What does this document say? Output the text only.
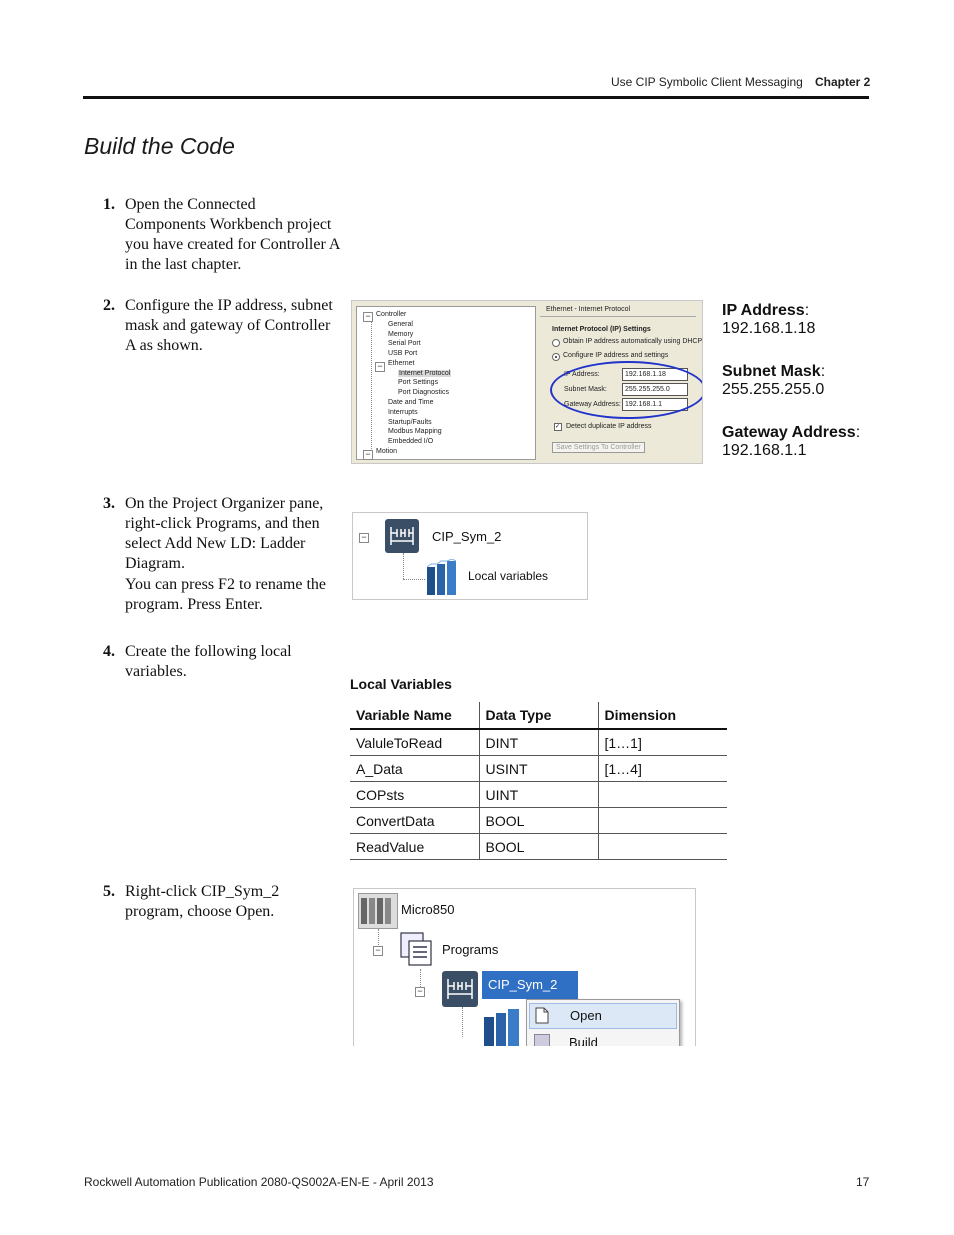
Use CIP Symbolic Client Messaging Chapter 2
Build the Code
1. Open the Connected Components Workbench project you have created for Controller A in the last chapter.
2. Configure the IP address, subnet mask and gateway of Controller A as shown.
− Controller
General
Memory
Serial Port
USB Port
− Ethernet
Internet Protocol
Port Settings
Port Diagnostics
Date and Time
Interrupts
Startup/Faults
Modbus Mapping
Embedded I/O
− Motion
Ethernet - Internet Protocol
Internet Protocol (IP) Settings
Obtain IP address automatically using DHCP
Configure IP address and settings
IP Address:	192.168.1.18
Subnet Mask:	255.255.255.0
Gateway Address: 192.168.1.1
✓ Detect duplicate IP address
Save Settings To Controller
IP Address:
192.168.1.18
Subnet Mask:
255.255.255.0
Gateway Address:
192.168.1.1
3. On the Project Organizer pane, right-click Programs, and then select Add New LD: Ladder Diagram.
You can press F2 to rename the program. Press Enter.
−	CIP_Sym_2
Local variables
4. Create the following local variables.
Local Variables
Variable Name	Data Type	Dimension
ValuleToRead	DINT	[1…1]
A_Data	USINT	[1…4]
COPsts	UINT	
ConvertData	BOOL	
ReadValue	BOOL	
5. Right-click CIP_Sym_2 program, choose Open.	Micro850
−	Programs
−	CIP_Sym_2
Open
Build
Rockwell Automation Publication 2080-QS002A-EN-E - April 2013	17
